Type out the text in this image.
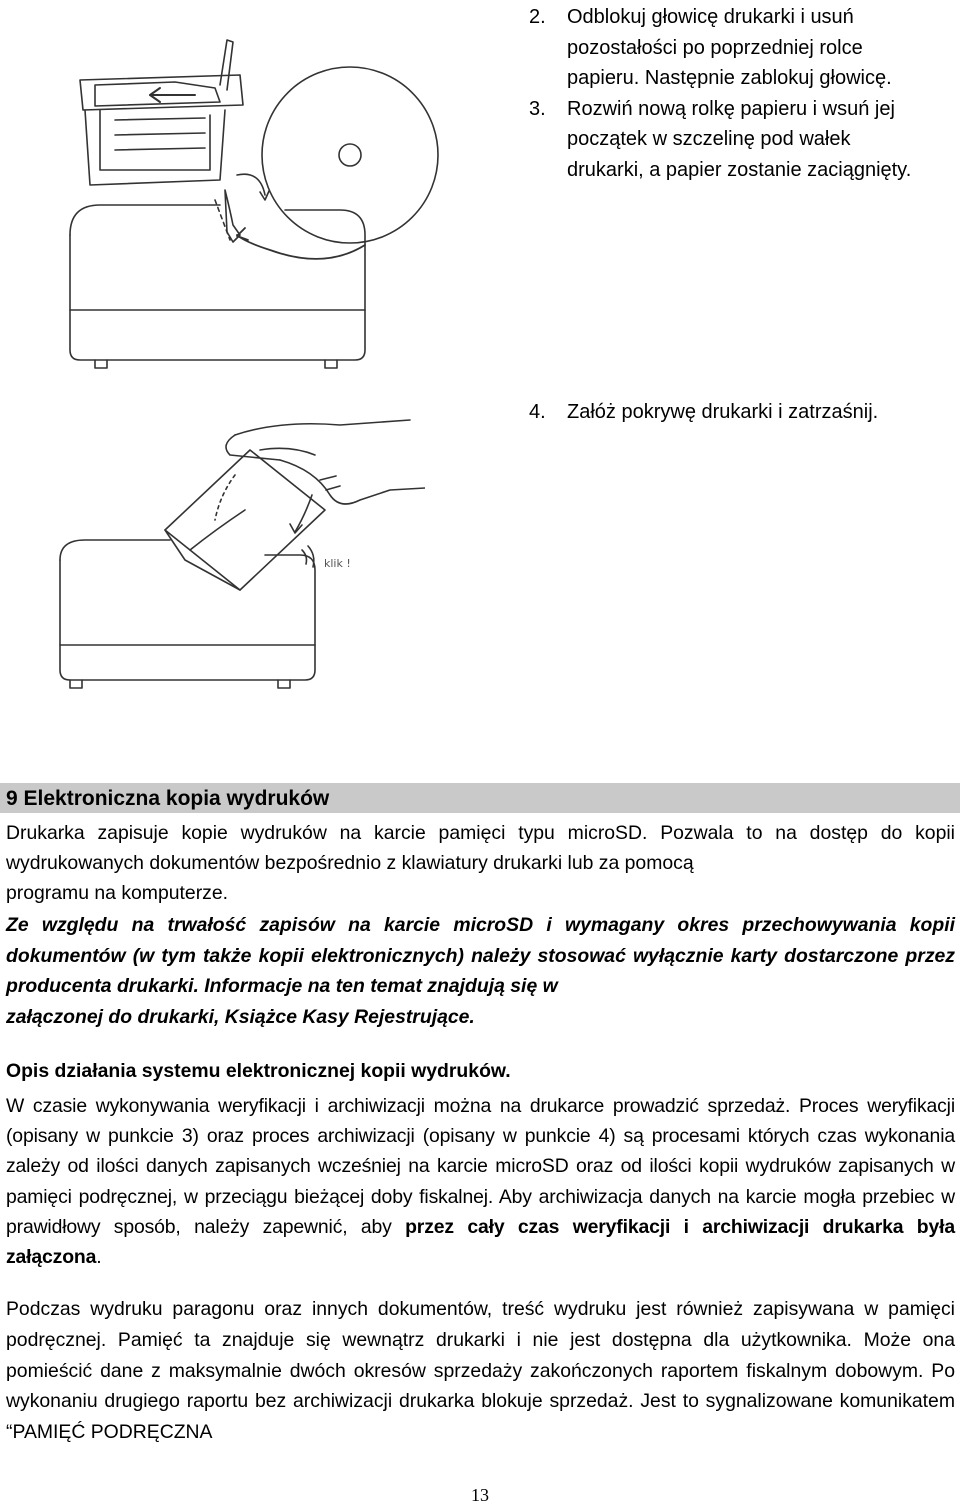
2. Odblokuj głowicę drukarki i usuń pozostałości po poprzedniej rolce papieru. Następnie zablokuj głowicę.
3. Rozwiń nową rolkę papieru i wsuń jej początek w szczelinę pod wałek drukarki, a papier zostanie zaciągnięty.
klik !
4. Załóż pokrywę drukarki i zatrzaśnij.
9 Elektroniczna kopia wydruków

Drukarka zapisuje kopie wydruków na karcie pamięci typu microSD. Pozwala to na dostęp do kopii wydrukowanych dokumentów bezpośrednio z klawiatury drukarki lub za pomocą
programu na komputerze.

Ze względu na trwałość zapisów na karcie microSD i wymagany okres przechowywania kopii dokumentów (w tym także kopii elektronicznych) należy stosować wyłącznie karty dostarczone przez producenta drukarki. Informacje na ten temat znajdują się w
załączonej do drukarki, Książce Kasy Rejestrujące.

Opis działania systemu elektronicznej kopii wydruków.

W czasie wykonywania weryfikacji i archiwizacji można na drukarce prowadzić sprzedaż. Proces weryfikacji (opisany w punkcie 3) oraz proces archiwizacji (opisany w punkcie 4) są procesami których czas wykonania zależy od ilości danych zapisanych wcześniej na karcie microSD oraz od ilości kopii wydruków zapisanych w pamięci podręcznej, w przeciągu bieżącej doby fiskalnej. Aby archiwizacja danych na karcie mogła przebiec w prawidłowy sposób, należy zapewnić, aby przez cały czas weryfikacji i archiwizacji drukarka była załączona.

Podczas wydruku paragonu oraz innych dokumentów, treść wydruku jest również zapisywana w pamięci podręcznej. Pamięć ta znajduje się wewnątrz drukarki i nie jest dostępna dla użytkownika. Może ona pomieścić dane z maksymalnie dwóch okresów sprzedaży zakończonych raportem fiskalnym dobowym. Po wykonaniu drugiego raportu bez archiwizacji drukarka blokuje sprzedaż. Jest to sygnalizowane komunikatem “PAMIĘĆ PODRĘCZNA

13
